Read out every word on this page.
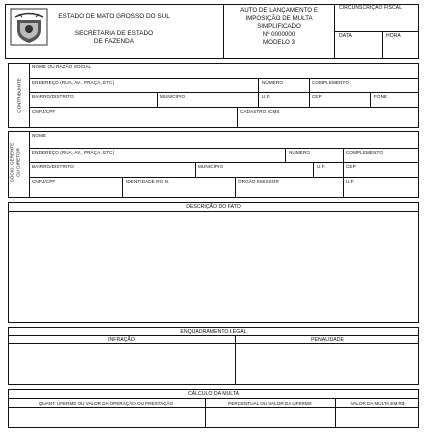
ESTADO DE MATO GROSSO DO SUL
SECRETARIA DE ESTADO
DE FAZENDA
AUTO DE LANÇAMENTO E
IMPOSIÇÃO DE MULTA
SIMPLIFICADO
Nº 0000000
MODELO 3
CIRCUNSCRIÇÃO FISCAL
DATA	HORA
CONTRIBUINTE
NOME OU RAZÃO SOCIAL
ENDEREÇO (RUA, AV., PRAÇA, ETC)	NÚMERO	COMPLEMENTO
BAIRRO/DISTRITO	MUNICÍPIO	U.F.	CEP	FONE
CNPJ/CPF	CADASTRO ICMS
SÓCIO, GERENTE OU DIRETOR
NOME
ENDEREÇO (RUA, AV., PRAÇA, ETC)	NÚMERO	COMPLEMENTO
BAIRRO/DISTRITO	MUNICÍPIO	U.F.	CEP
CNPJ/CPF	IDENTIDADE RG N.	ÓRGÃO EMISSOR	U.F.
DESCRIÇÃO DO FATO
ENQUADRAMENTO LEGAL
INFRAÇÃO	PENALIDADE
CÁLCULO DA MULTA
QUANT. UFERMS OU VALOR DA OPERAÇÃO OU PRESTAÇÃO	PERCENTUAL OU VALOR DA UFERMS	VALOR DA MULTA EM R$
